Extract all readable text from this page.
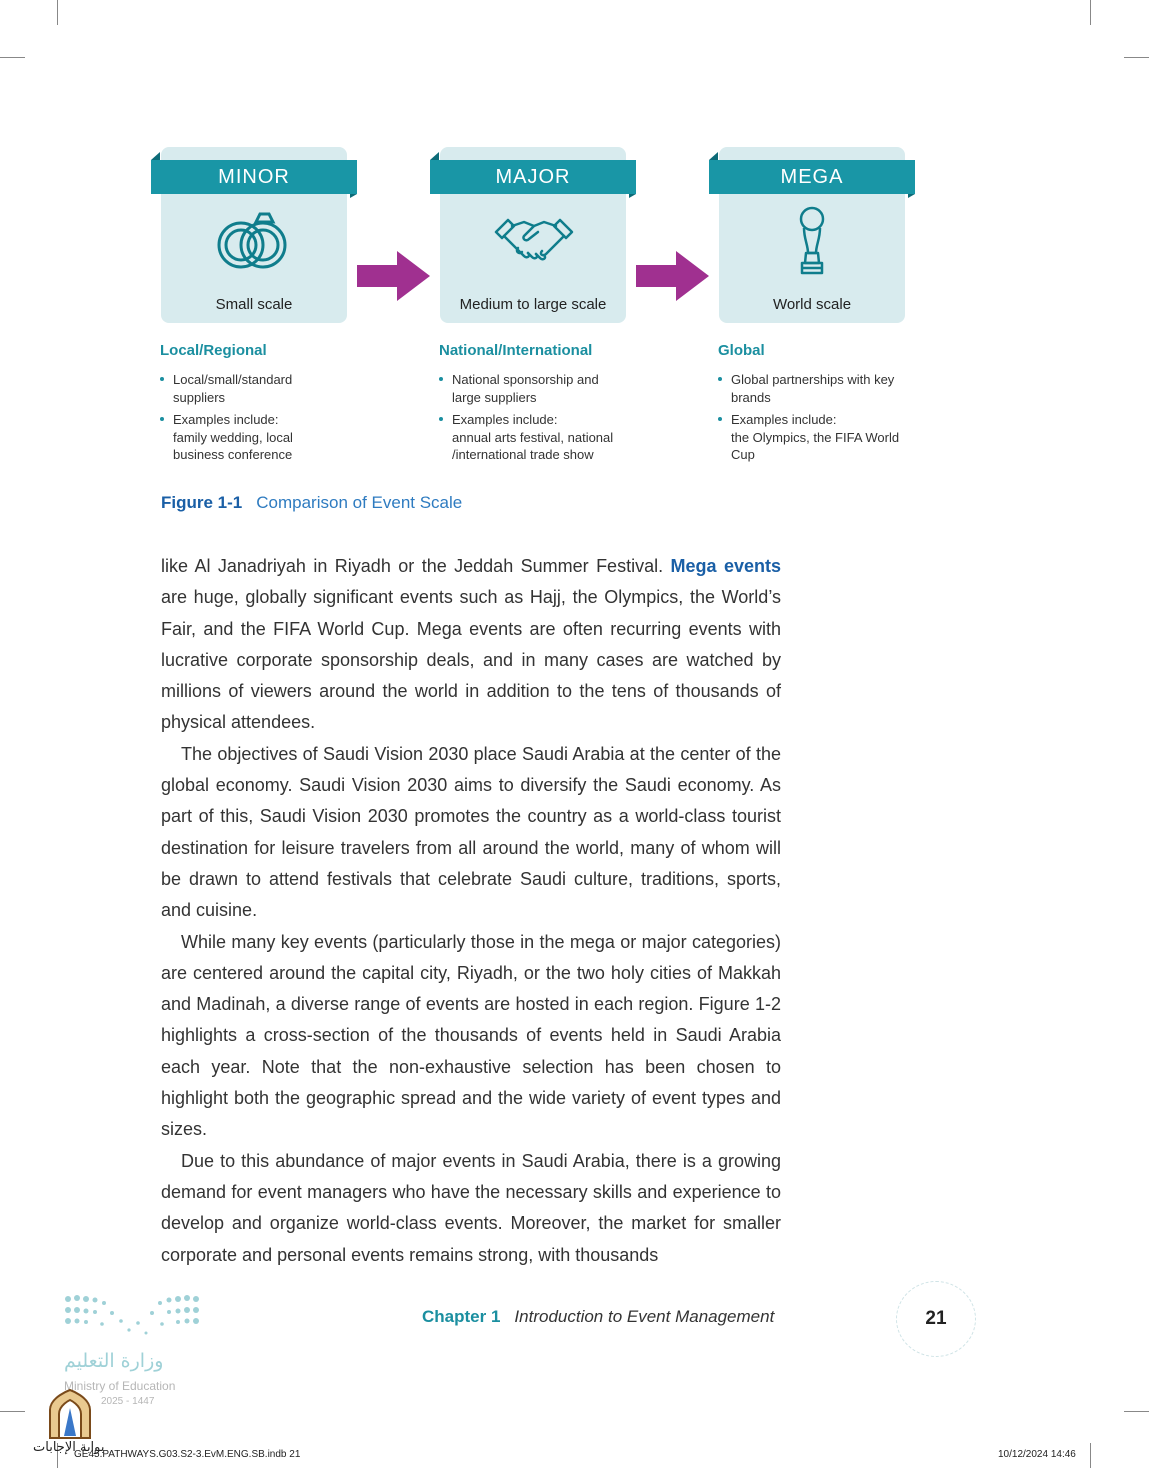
MINOR
Small scale
MAJOR
Medium to large scale
MEGA
World scale
Local/Regional	National/International	Global
Local/small/standard
suppliers
Examples include:
family wedding, local
business conference
National sponsorship and
large suppliers
Examples include:
annual arts festival, national
/international trade show
Global partnerships with key
brands
Examples include:
the Olympics, the FIFA World
Cup
Figure 1-1 Comparison of Event Scale

like Al Janadriyah in Riyadh or the Jeddah Summer Festival. Mega events are huge, globally significant events such as Hajj, the Olympics, the World’s Fair, and the FIFA World Cup. Mega events are often recurring events with lucrative corporate sponsorship deals, and in many cases are watched by millions of viewers around the world in addition to the tens of thousands of physical attendees.

The objectives of Saudi Vision 2030 place Saudi Arabia at the center of the global economy. Saudi Vision 2030 aims to diversify the Saudi economy. As part of this, Saudi Vision 2030 promotes the country as a world-class tourist destination for leisure travelers from all around the world, many of whom will be drawn to attend festivals that celebrate Saudi culture, traditions, sports, and cuisine.

While many key events (particularly those in the mega or major categories) are centered around the capital city, Riyadh, or the two holy cities of Makkah and Madinah, a diverse range of events are hosted in each region. Figure 1-2 highlights a cross-section of the thousands of events held in Saudi Arabia each year. Note that the non-exhaustive selection has been chosen to highlight both the geographic spread and the wide variety of event types and sizes.

Due to this abundance of major events in Saudi Arabia, there is a growing demand for event managers who have the necessary skills and experience to develop and organize world-class events. Moreover, the market for smaller corporate and personal events remains strong, with thousands

وزارة التعليم
Ministry of Education
2025 - 1447
Chapter 1 Introduction to Event Management	21
بوابة الإجابات
GE45.PATHWAYS.G03.S2-3.EvM.ENG.SB.indb 21	10/12/2024 14:46
